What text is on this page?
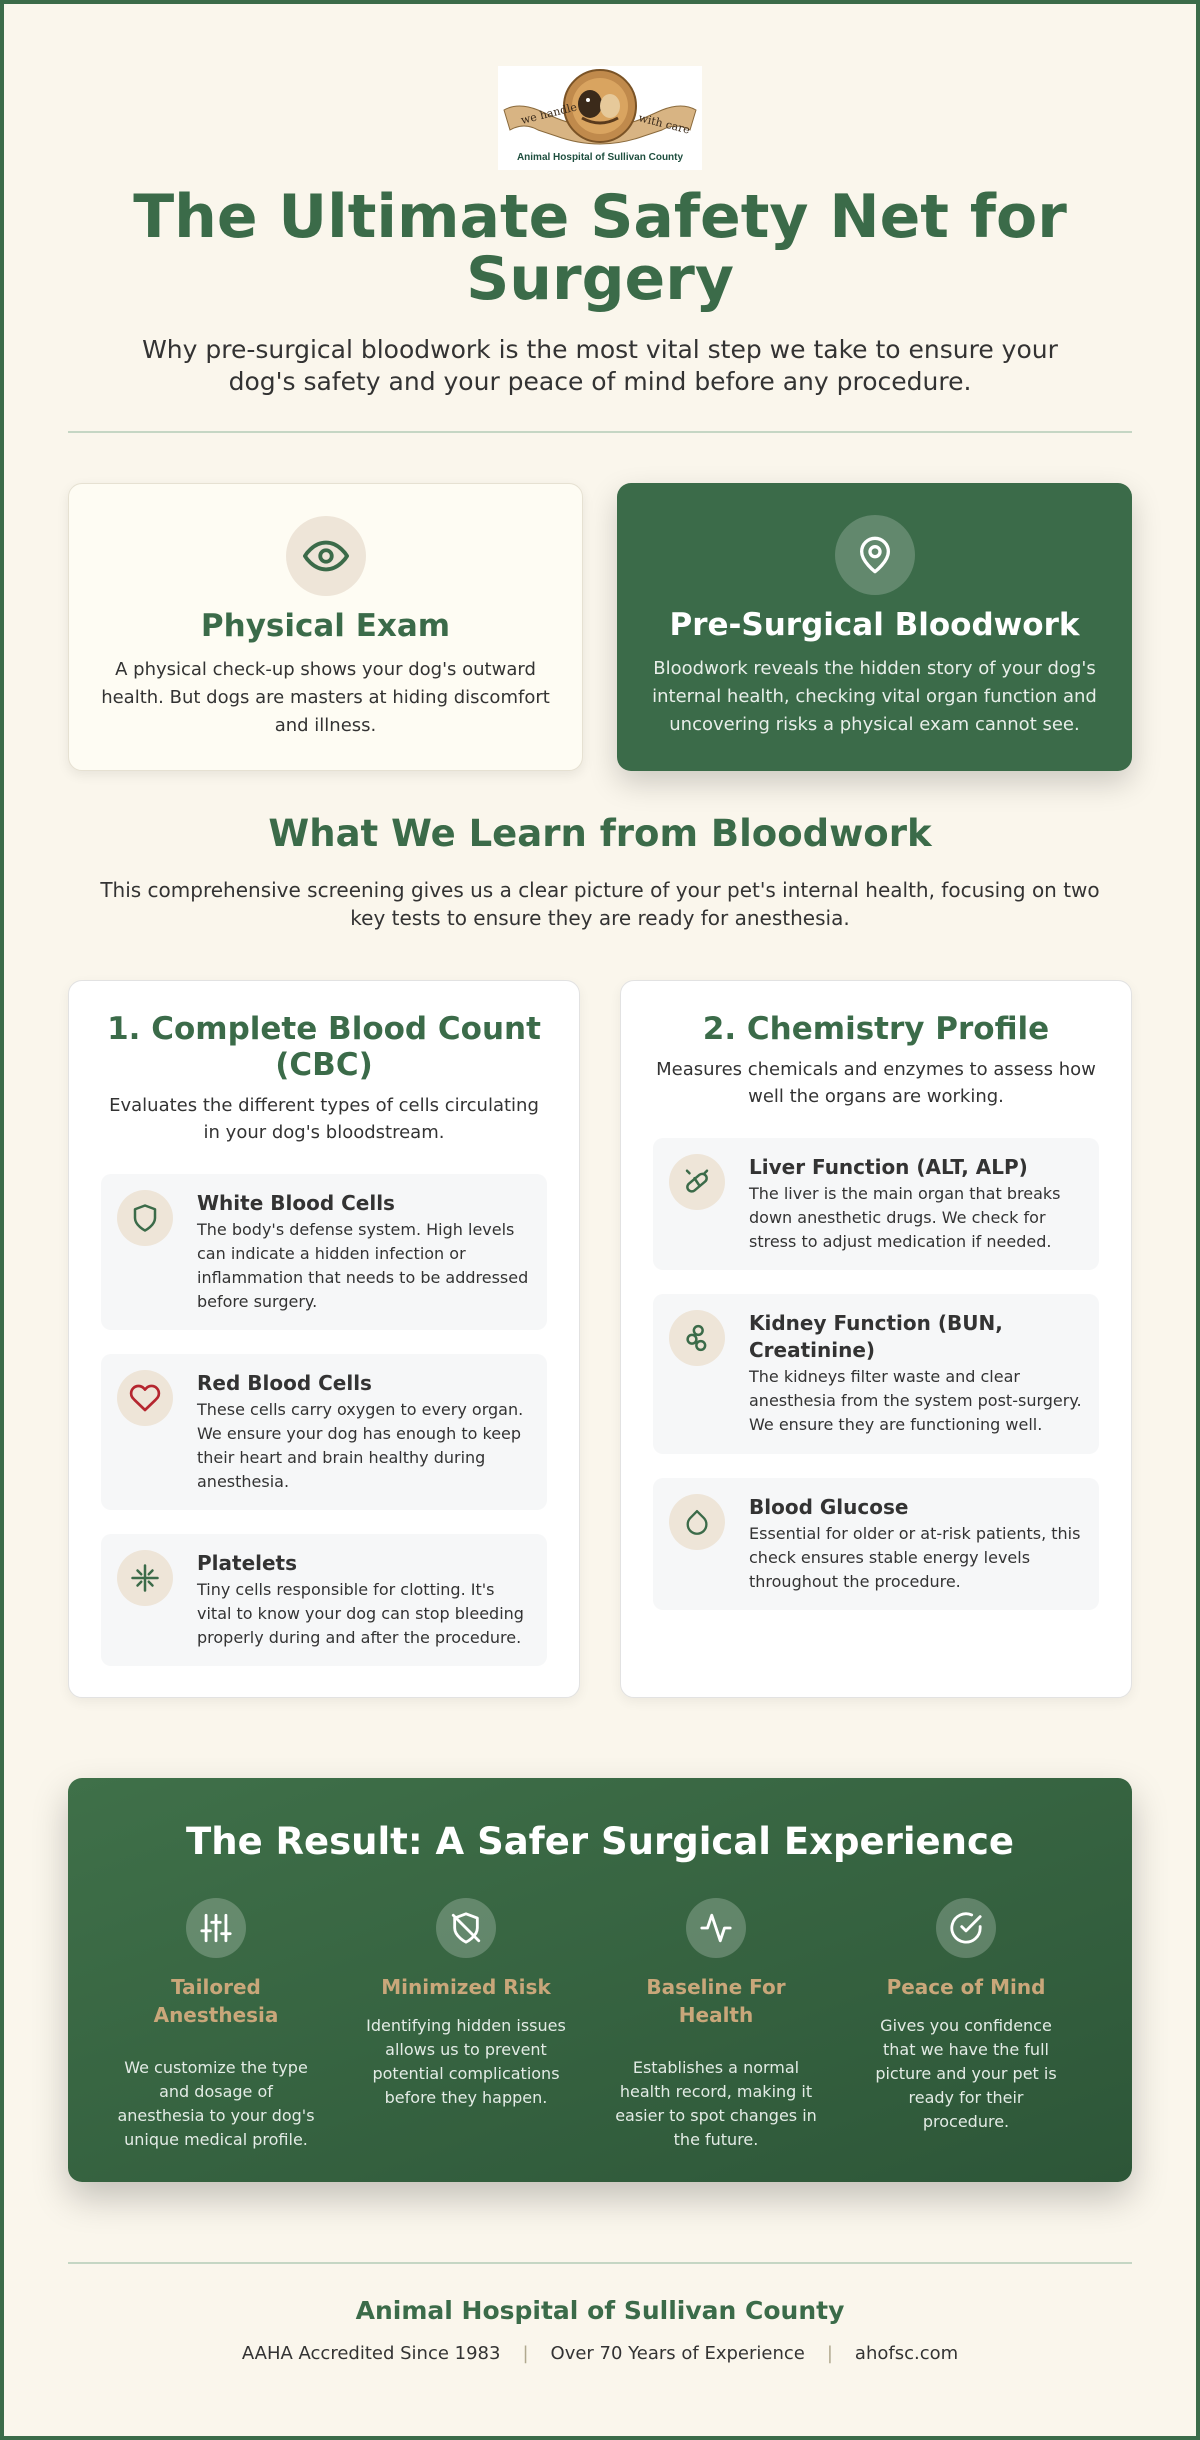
we handle	with care
Animal Hospital of Sullivan County
The Ultimate Safety Net for Surgery
Why pre-surgical bloodwork is the most vital step we take to ensure your dog's safety and your peace of mind before any procedure.
Physical Exam
A physical check-up shows your dog's outward health. But dogs are masters at hiding discomfort and illness.
Pre-Surgical Bloodwork
Bloodwork reveals the hidden story of your dog's internal health, checking vital organ function and uncovering risks a physical exam cannot see.
What We Learn from Bloodwork
This comprehensive screening gives us a clear picture of your pet's internal health, focusing on two key tests to ensure they are ready for anesthesia.
1. Complete Blood Count (CBC)
Evaluates the different types of cells circulating in your dog's bloodstream.
White Blood Cells
The body's defense system. High levels can indicate a hidden infection or inflammation that needs to be addressed before surgery.
Red Blood Cells
These cells carry oxygen to every organ. We ensure your dog has enough to keep their heart and brain healthy during anesthesia.
Platelets
Tiny cells responsible for clotting. It's vital to know your dog can stop bleeding properly during and after the procedure.
2. Chemistry Profile
Measures chemicals and enzymes to assess how well the organs are working.
Liver Function (ALT, ALP)
The liver is the main organ that breaks down anesthetic drugs. We check for stress to adjust medication if needed.
Kidney Function (BUN, Creatinine)
The kidneys filter waste and clear anesthesia from the system post-surgery. We ensure they are functioning well.
Blood Glucose
Essential for older or at-risk patients, this check ensures stable energy levels throughout the procedure.
The Result: A Safer Surgical Experience
Tailored Anesthesia
We customize the type and dosage of anesthesia to your dog's unique medical profile.
Minimized Risk
Identifying hidden issues allows us to prevent potential complications before they happen.
Baseline For Health
Establishes a normal health record, making it easier to spot changes in the future.
Peace of Mind
Gives you confidence that we have the full picture and your pet is ready for their procedure.
Animal Hospital of Sullivan County
AAHA Accredited Since 1983 | Over 70 Years of Experience | ahofsc.com
